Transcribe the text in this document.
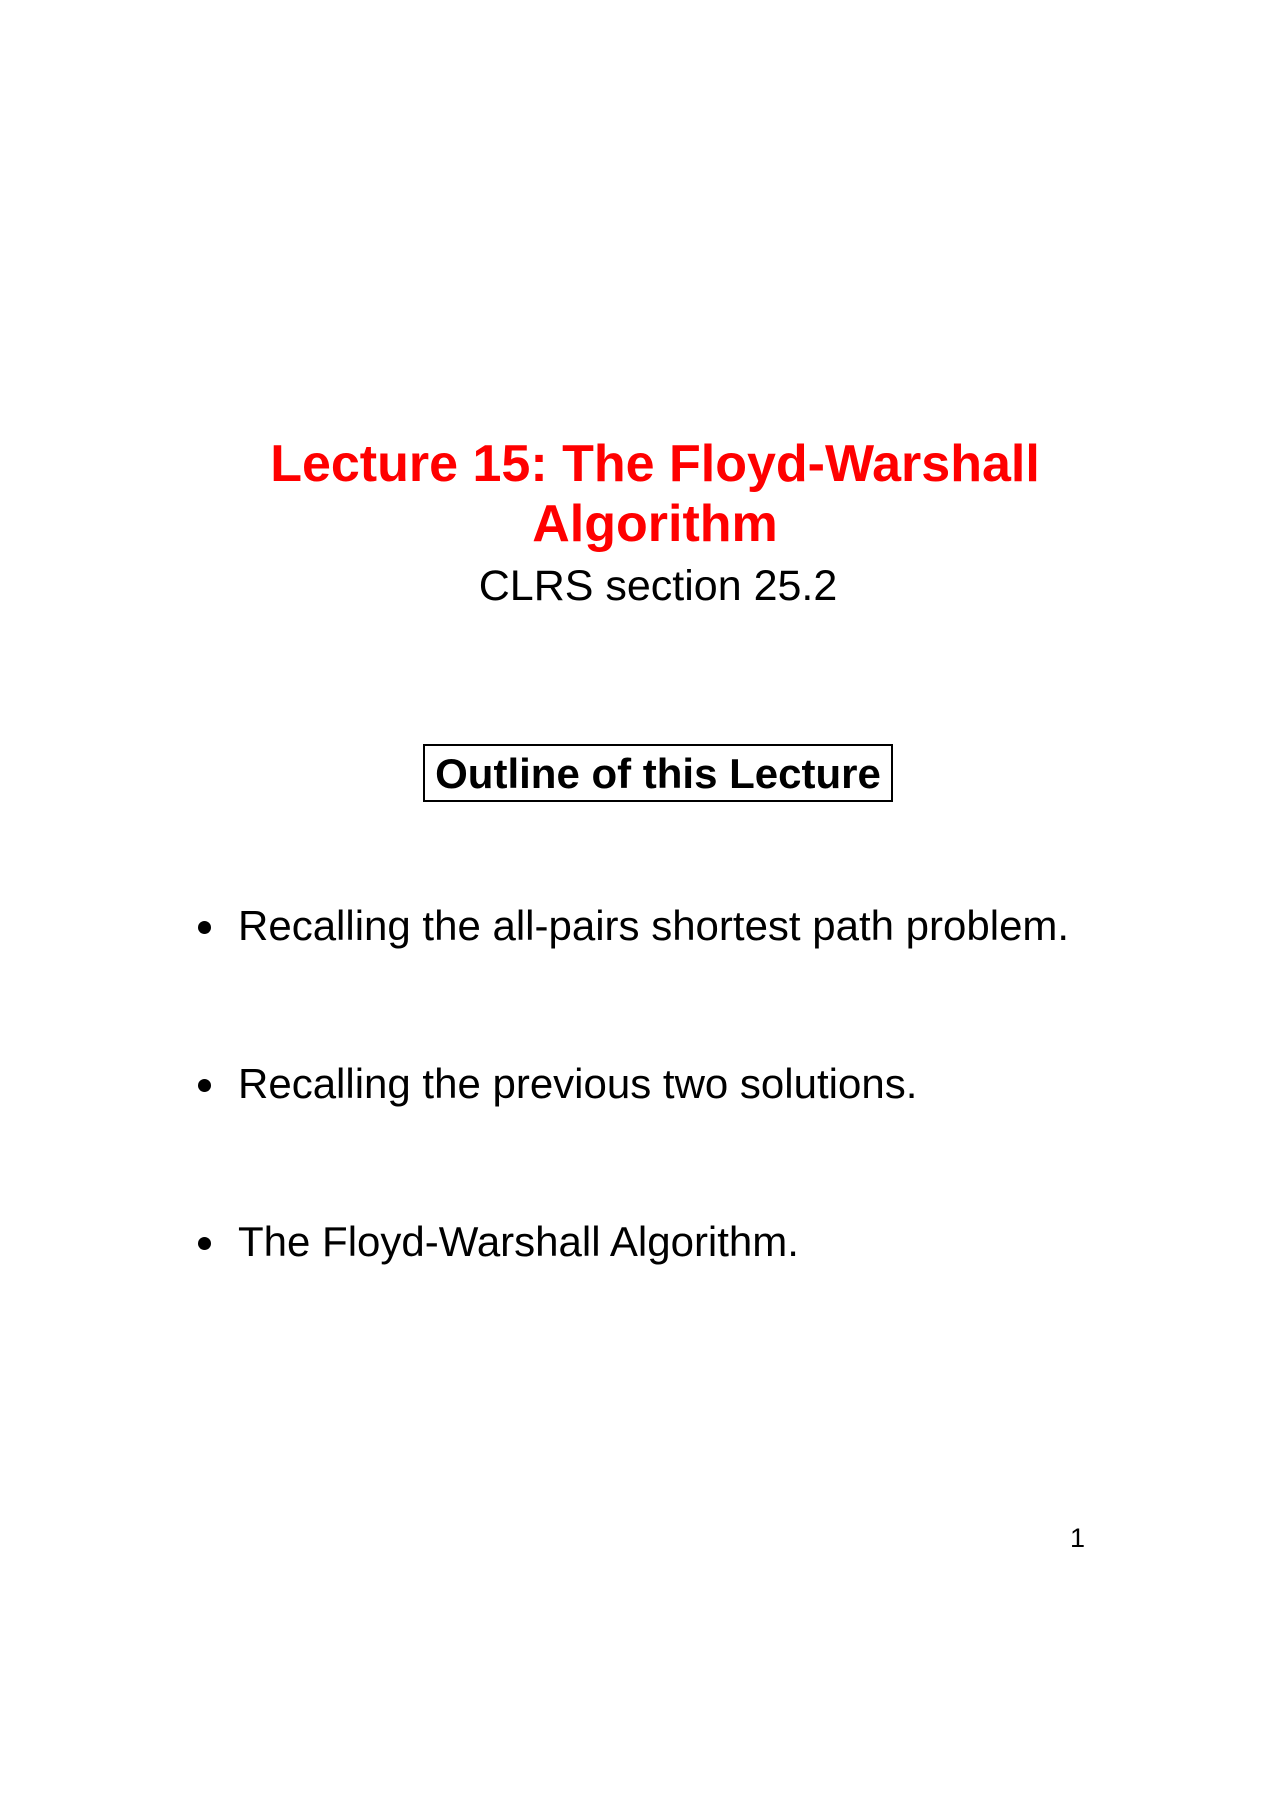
Lecture 15: The Floyd-Warshall
Algorithm
CLRS section 25.2
Outline of this Lecture
Recalling the all-pairs shortest path problem.
Recalling the previous two solutions.
The Floyd-Warshall Algorithm.
1
